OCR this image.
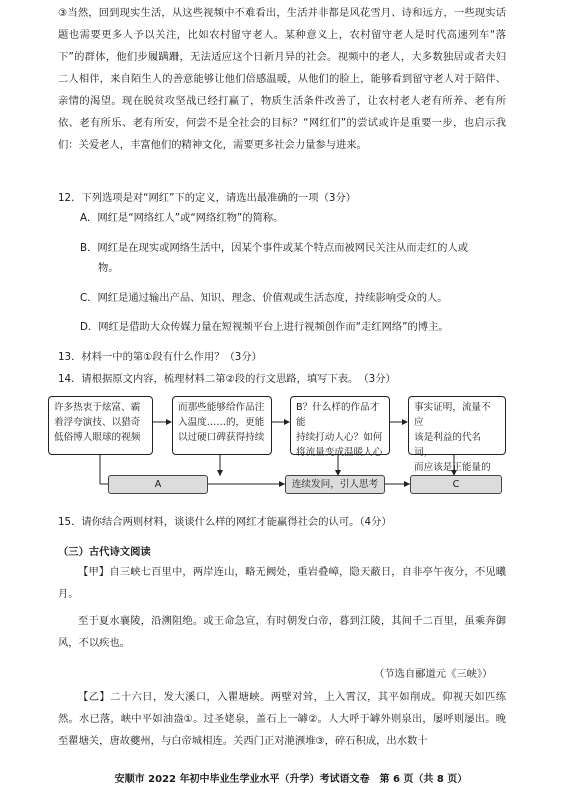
③当然，回到现实生活，从这些视频中不难看出，生活并非都是风花雪月、诗和远方，一些现实话题也需要更多人予以关注，比如农村留守老人。某种意义上，农村留守老人是时代高速列车“落下”的群体，他们步履蹒跚，无法适应这个日新月异的社会。视频中的老人，大多数独居或者夫妇二人相伴，来自陌生人的善意能够让他们倍感温暖，从他们的脸上，能够看到留守老人对于陪伴、亲情的渴望。现在脱贫攻坚战已经打赢了，物质生活条件改善了，让农村老人老有所养、老有所依、老有所乐、老有所安，何尝不是全社会的目标？“网红们”的尝试或许是重要一步，也启示我们：关爱老人，丰富他们的精神文化，需要更多社会力量参与进来。

12．下列选项是对“网红”下的定义，请选出最准确的一项（3分）

A．网红是“网络红人”或“网络红物”的简称。

B．网红是在现实或网络生活中，因某个事件或某个特点而被网民关注从而走红的人或

物。

C．网红是通过输出产品、知识、理念、价值观或生活态度，持续影响受众的人。

D．网红是借助大众传媒力量在短视频平台上进行视频创作而“走红网络”的博主。

13．材料一中的第①段有什么作用？（3分）

14．请根据原文内容，梳理材料二第②段的行文思路，填写下表。　（3分）

许多热衷于炫富、霸
着浮夸演技、以猎奇
低俗博人眼球的视频
而那些能够给作品注
入温度……的，更能
以过硬口碑获得持续
B？什么样的作品才能
持续打动人心？如何
将流量变成温暖人心
事实证明，流量不应
该是利益的代名词，
而应该是正能量的
A	连续发问，引人思考	C

15．请你结合两则材料，谈谈什么样的网红才能赢得社会的认可。（4分）

（三）古代诗文阅读

【甲】自三峡七百里中，两岸连山，略无阙处，重岩叠嶂，隐天蔽日，自非亭午夜分，不见曦月。

至于夏水襄陵，沿溯阻绝。或王命急宣，有时朝发白帝，暮到江陵，其间千二百里，虽乘奔御风，不以疾也。

（节选自郦道元《三峡》）

【乙】二十六日，发大溪口，入瞿塘峡。两壁对耸，上入霄汉，其平如削成。仰视天如匹练然。水已落，峡中平如油盎①。过圣姥泉，盖石上一罅②。人大呼于罅外则泉出，屡呼则屡出。晚至瞿塘关，唐故夔州，与白帝城相连。关西门正对滟滪堆③，碎石积成，出水数十

安顺市 2022 年初中毕业生学业水平（升学）考试语文卷　第 6 页（共 8 页）
